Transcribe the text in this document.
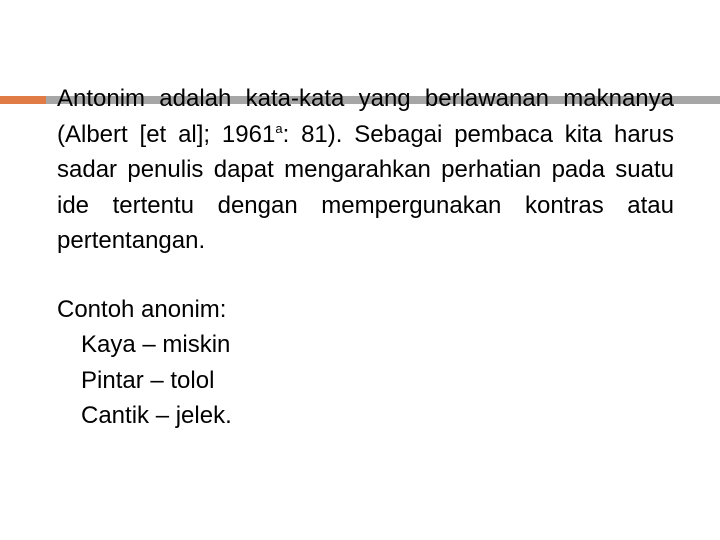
Antonim adalah kata-kata yang berlawanan maknanya (Albert [et al]; 1961$^a$: 81). Sebagai pembaca kita harus sadar penulis dapat mengarahkan perhatian pada suatu ide tertentu dengan mempergunakan kontras atau pertentangan.

Contoh anonim:

Kaya – miskin

Pintar – tolol

Cantik – jelek.
